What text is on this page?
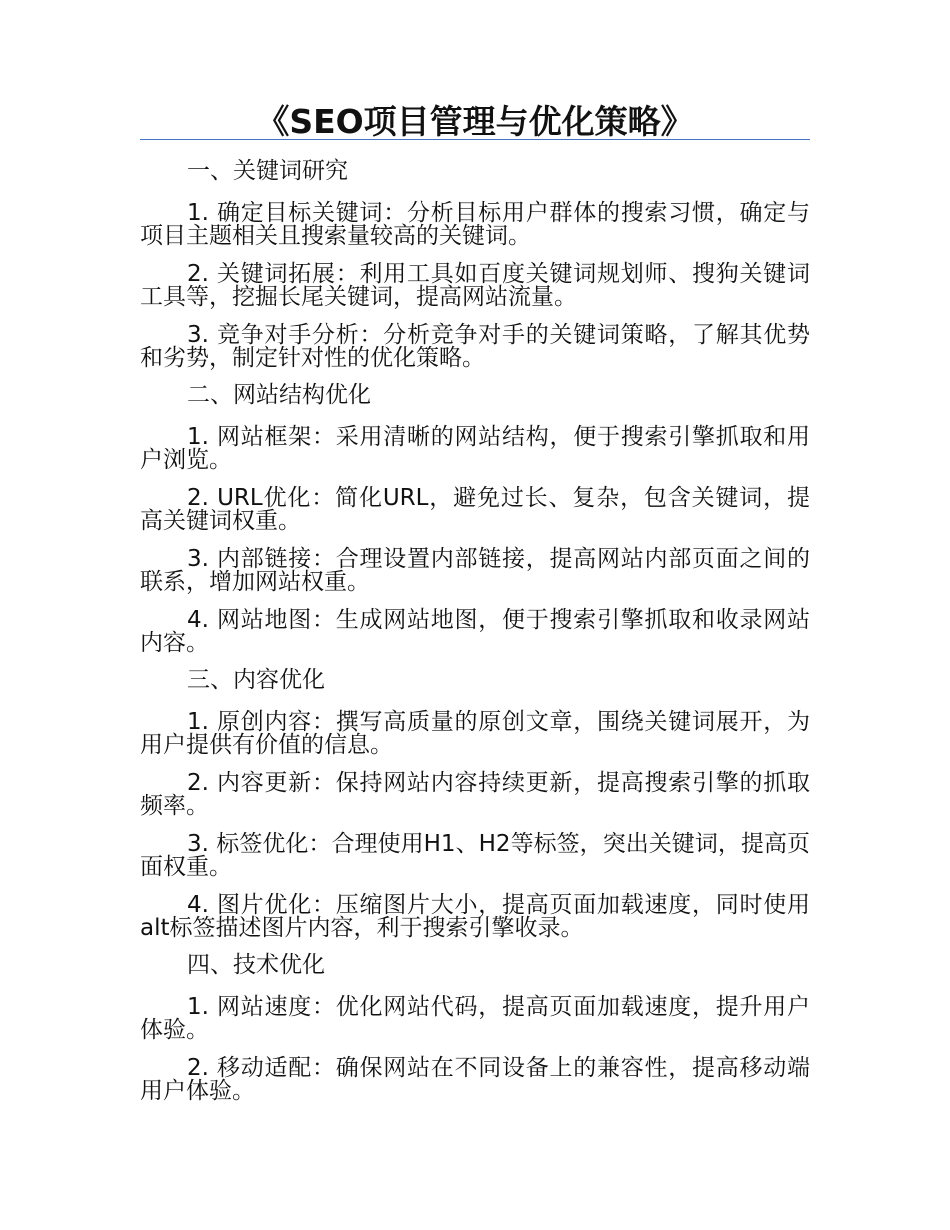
《SEO项目管理与优化策略》

一、关键词研究

1. 确定目标关键词：分析目标用户群体的搜索习惯，确定与项目主题相关且搜索量较高的关键词。

2. 关键词拓展：利用工具如百度关键词规划师、搜狗关键词工具等，挖掘长尾关键词，提高网站流量。

3. 竞争对手分析：分析竞争对手的关键词策略，了解其优势和劣势，制定针对性的优化策略。

二、网站结构优化

1. 网站框架：采用清晰的网站结构，便于搜索引擎抓取和用户浏览。

2. URL优化：简化URL，避免过长、复杂，包含关键词，提高关键词权重。

3. 内部链接：合理设置内部链接，提高网站内部页面之间的联系，增加网站权重。

4. 网站地图：生成网站地图，便于搜索引擎抓取和收录网站内容。

三、内容优化

1. 原创内容：撰写高质量的原创文章，围绕关键词展开，为用户提供有价值的信息。

2. 内容更新：保持网站内容持续更新，提高搜索引擎的抓取频率。

3. 标签优化：合理使用H1、H2等标签，突出关键词，提高页面权重。

4. 图片优化：压缩图片大小，提高页面加载速度，同时使用alt标签描述图片内容，利于搜索引擎收录。

四、技术优化

1. 网站速度：优化网站代码，提高页面加载速度，提升用户体验。

2. 移动适配：确保网站在不同设备上的兼容性，提高移动端用户体验。
